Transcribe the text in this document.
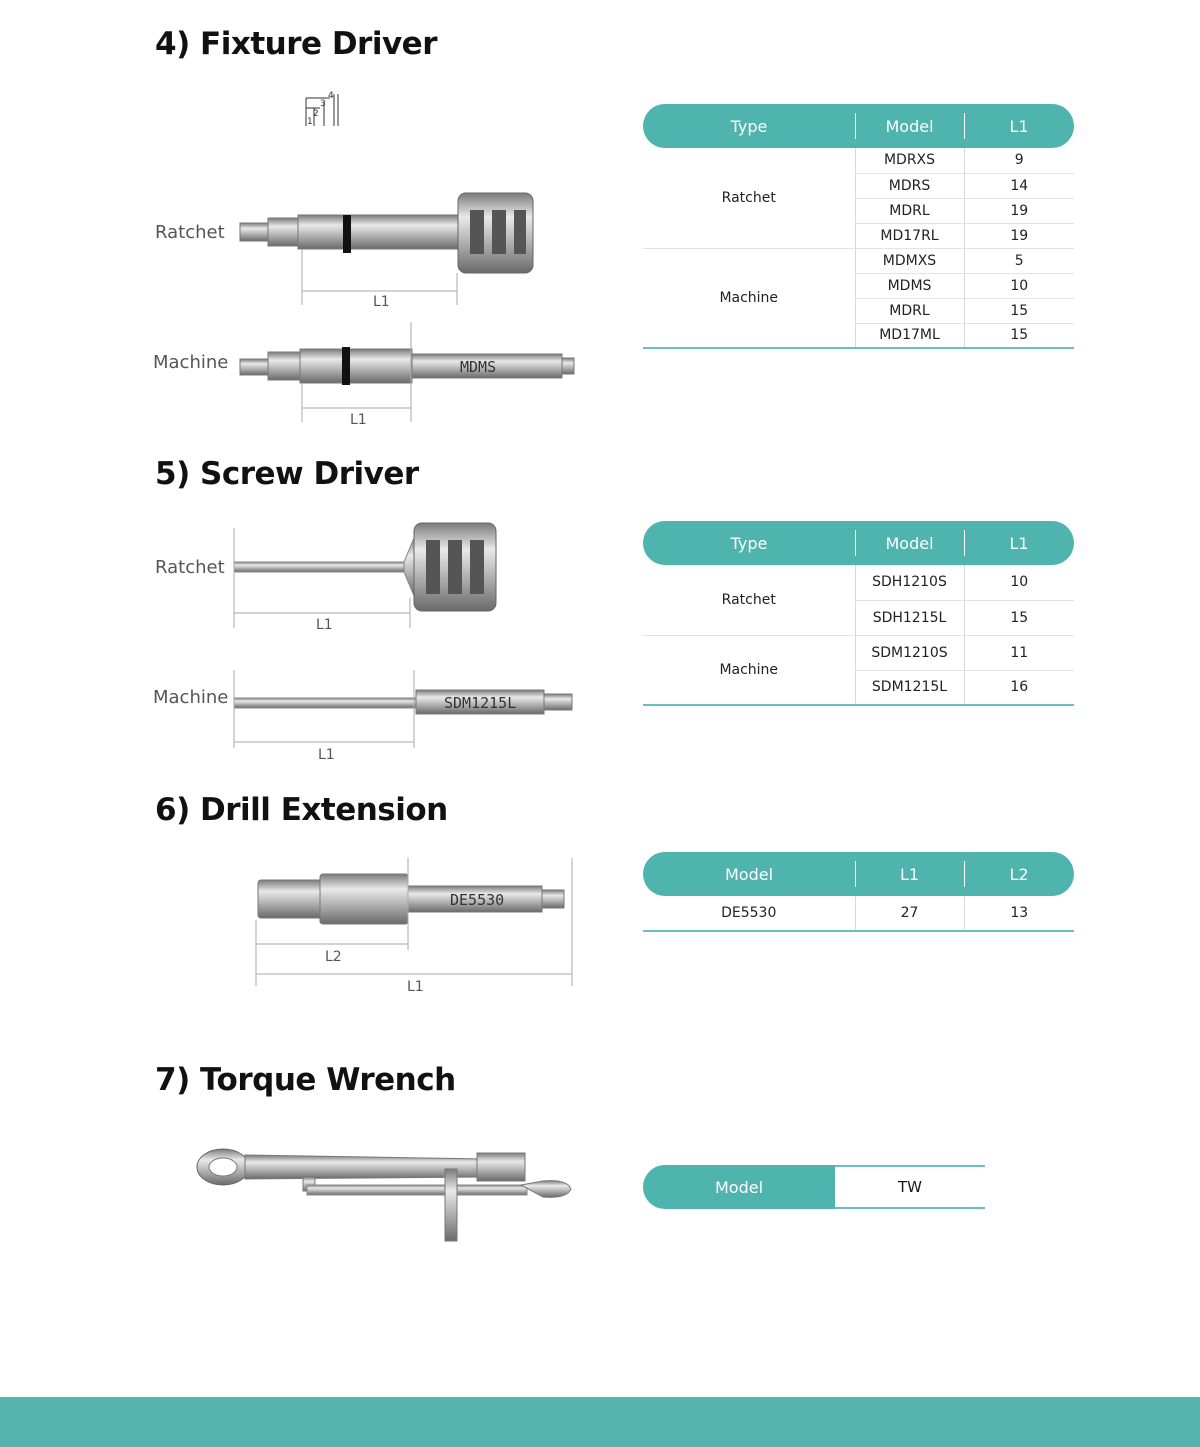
4) Fixture Driver
1
2
3
4
Ratchet
Machine
L1
MDMS
L1
Type	Model	L1
Ratchet	MDRXS	9
	MDRS	14
	MDRL	19
	MD17RL	19
Machine	MDMXS	5
	MDMS	10
	MDRL	15
	MD17ML	15
5) Screw Driver
Ratchet
Machine
L1
SDM1215L
L1
Type	Model	L1
Ratchet	SDH1210S	10
	SDH1215L	15
Machine	SDM1210S	11
	SDM1215L	16
6) Drill Extension
DE5530
L2
L1
Model	L1	L2
DE5530	27	13
7) Torque Wrench
Model	TW
